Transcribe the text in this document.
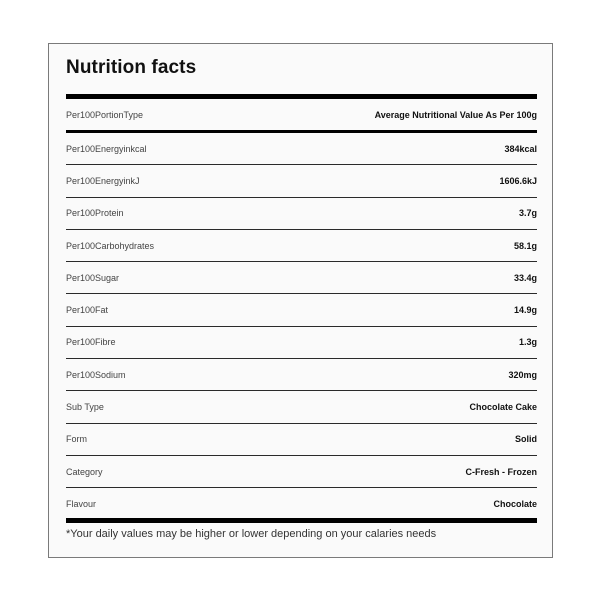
Nutrition facts
Per100PortionType	Average Nutritional Value As Per 100g
Per100Energyinkcal	384kcal
Per100EnergyinkJ	1606.6kJ
Per100Protein	3.7g
Per100Carbohydrates	58.1g
Per100Sugar	33.4g
Per100Fat	14.9g
Per100Fibre	1.3g
Per100Sodium	320mg
Sub Type	Chocolate Cake
Form	Solid
Category	C-Fresh - Frozen
Flavour	Chocolate
*Your daily values may be higher or lower depending on your calaries needs
